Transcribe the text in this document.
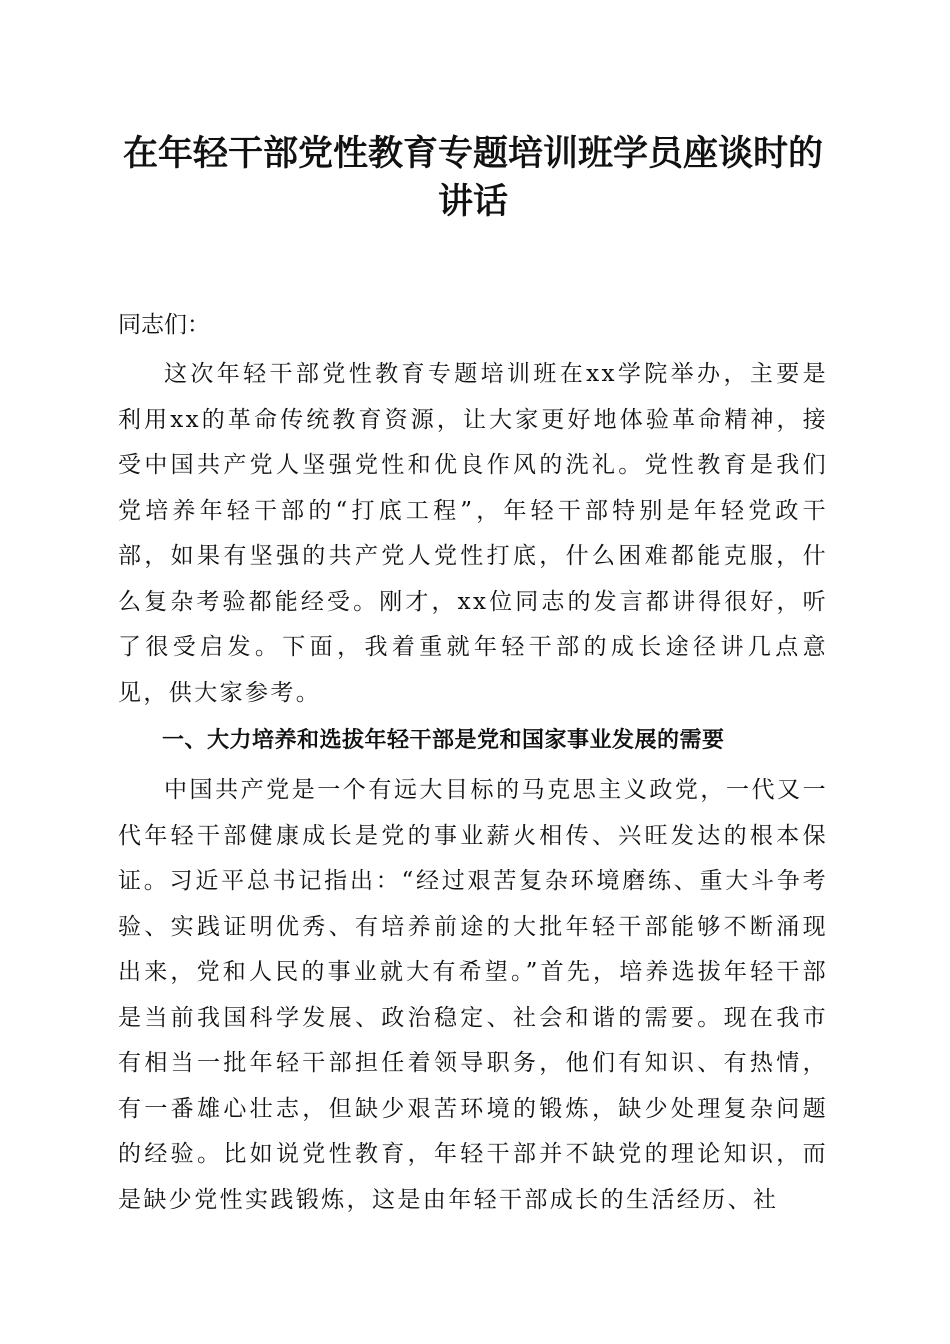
在年轻干部党性教育专题培训班学员座谈时的
讲话

同志们：

这次年轻干部党性教育专题培训班在xx学院举办，主要是利用xx的革命传统教育资源，让大家更好地体验革命精神，接受中国共产党人坚强党性和优良作风的洗礼。党性教育是我们党培养年轻干部的“打底工程”，年轻干部特别是年轻党政干部，如果有坚强的共产党人党性打底，什么困难都能克服，什么复杂考验都能经受。刚才，xx位同志的发言都讲得很好，听了很受启发。下面，我着重就年轻干部的成长途径讲几点意见，供大家参考。

一、大力培养和选拔年轻干部是党和国家事业发展的需要

中国共产党是一个有远大目标的马克思主义政党，一代又一代年轻干部健康成长是党的事业薪火相传、兴旺发达的根本保证。习近平总书记指出：“经过艰苦复杂环境磨练、重大斗争考验、实践证明优秀、有培养前途的大批年轻干部能够不断涌现出来，党和人民的事业就大有希望。”首先，培养选拔年轻干部是当前我国科学发展、政治稳定、社会和谐的需要。现在我市有相当一批年轻干部担任着领导职务，他们有知识、有热情，有一番雄心壮志，但缺少艰苦环境的锻炼，缺少处理复杂问题的经验。比如说党性教育，年轻干部并不缺党的理论知识，而是缺少党性实践锻炼，这是由年轻干部成长的生活经历、社
